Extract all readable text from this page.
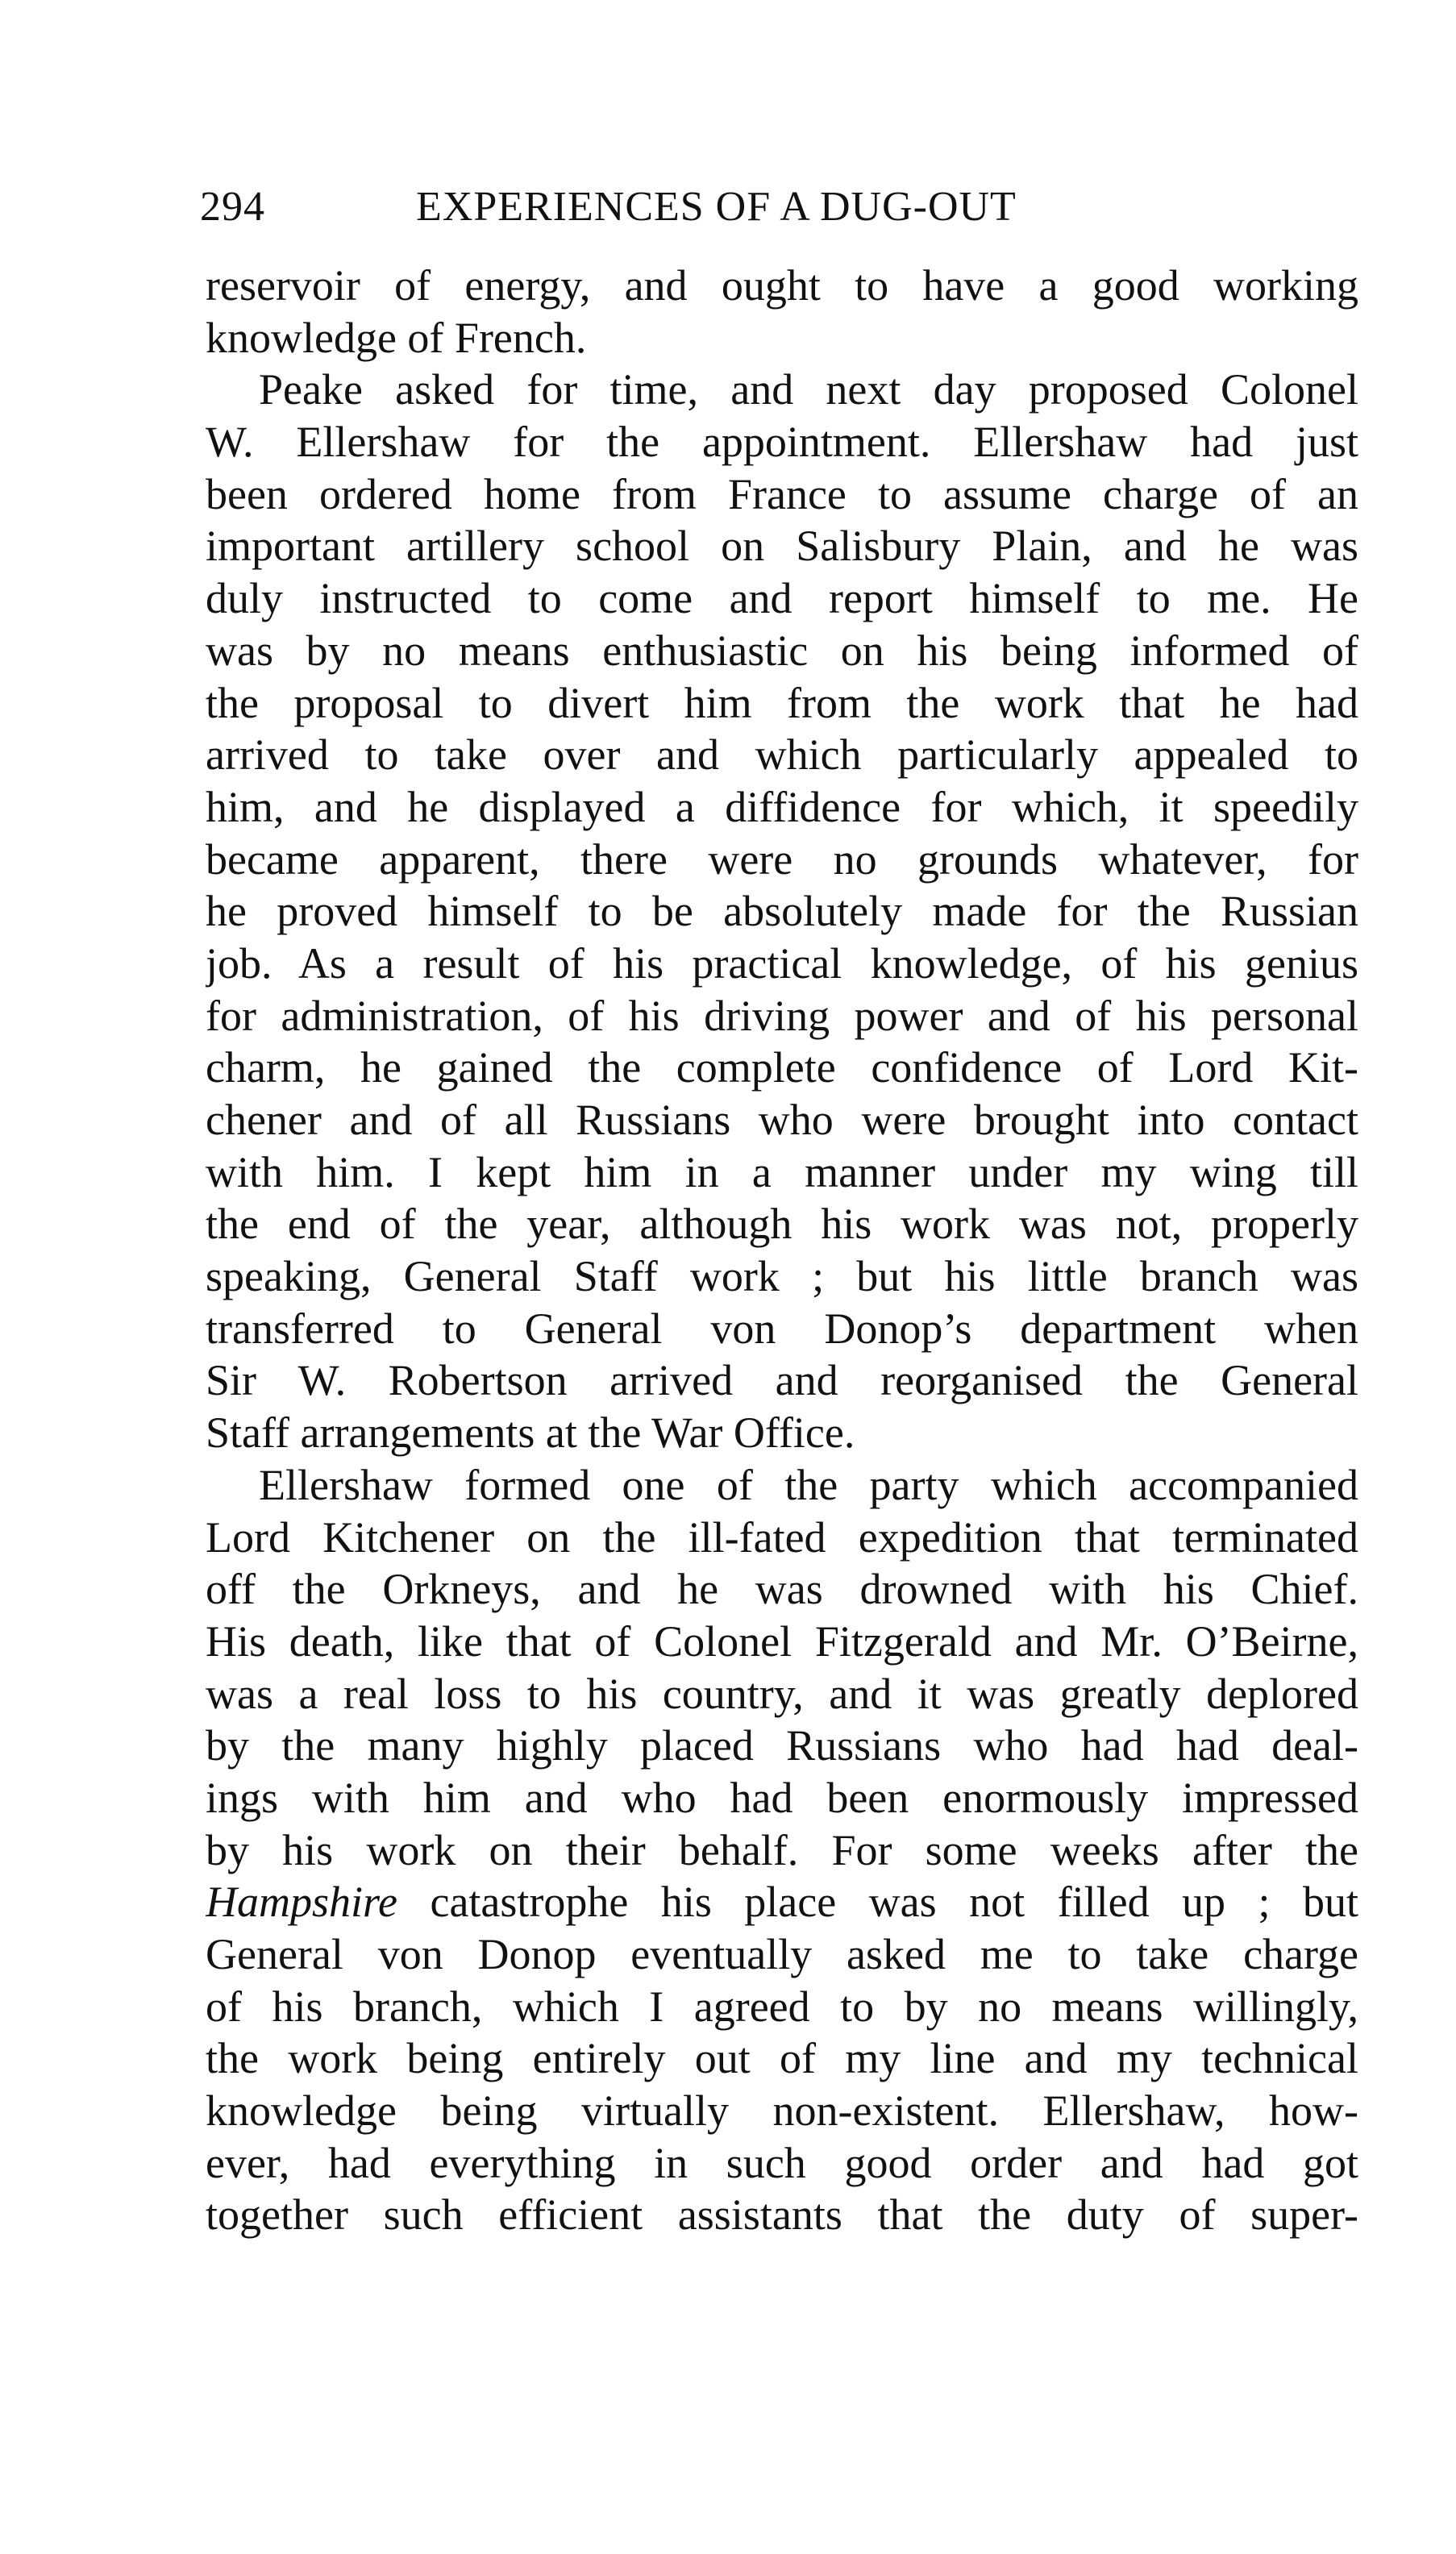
294	EXPERIENCES OF A DUG-OUT
reservoir of energy, and ought to have a good working
knowledge of French.
Peake asked for time, and next day proposed Colonel
W. Ellershaw for the appointment. Ellershaw had just
been ordered home from France to assume charge of an
important artillery school on Salisbury Plain, and he was
duly instructed to come and report himself to me. He
was by no means enthusiastic on his being informed of
the proposal to divert him from the work that he had
arrived to take over and which particularly appealed to
him, and he displayed a diffidence for which, it speedily
became apparent, there were no grounds whatever, for
he proved himself to be absolutely made for the Russian
job. As a result of his practical knowledge, of his genius
for administration, of his driving power and of his personal
charm, he gained the complete confidence of Lord Kit-
chener and of all Russians who were brought into contact
with him. I kept him in a manner under my wing till
the end of the year, although his work was not, properly
speaking, General Staff work ; but his little branch was
transferred to General von Donop’s department when
Sir W. Robertson arrived and reorganised the General
Staff arrangements at the War Office.
Ellershaw formed one of the party which accompanied
Lord Kitchener on the ill-fated expedition that terminated
off the Orkneys, and he was drowned with his Chief.
His death, like that of Colonel Fitzgerald and Mr. O’Beirne,
was a real loss to his country, and it was greatly deplored
by the many highly placed Russians who had had deal-
ings with him and who had been enormously impressed
by his work on their behalf. For some weeks after the
Hampshire catastrophe his place was not filled up ; but
General von Donop eventually asked me to take charge
of his branch, which I agreed to by no means willingly,
the work being entirely out of my line and my technical
knowledge being virtually non-existent. Ellershaw, how-
ever, had everything in such good order and had got
together such efficient assistants that the duty of super-
